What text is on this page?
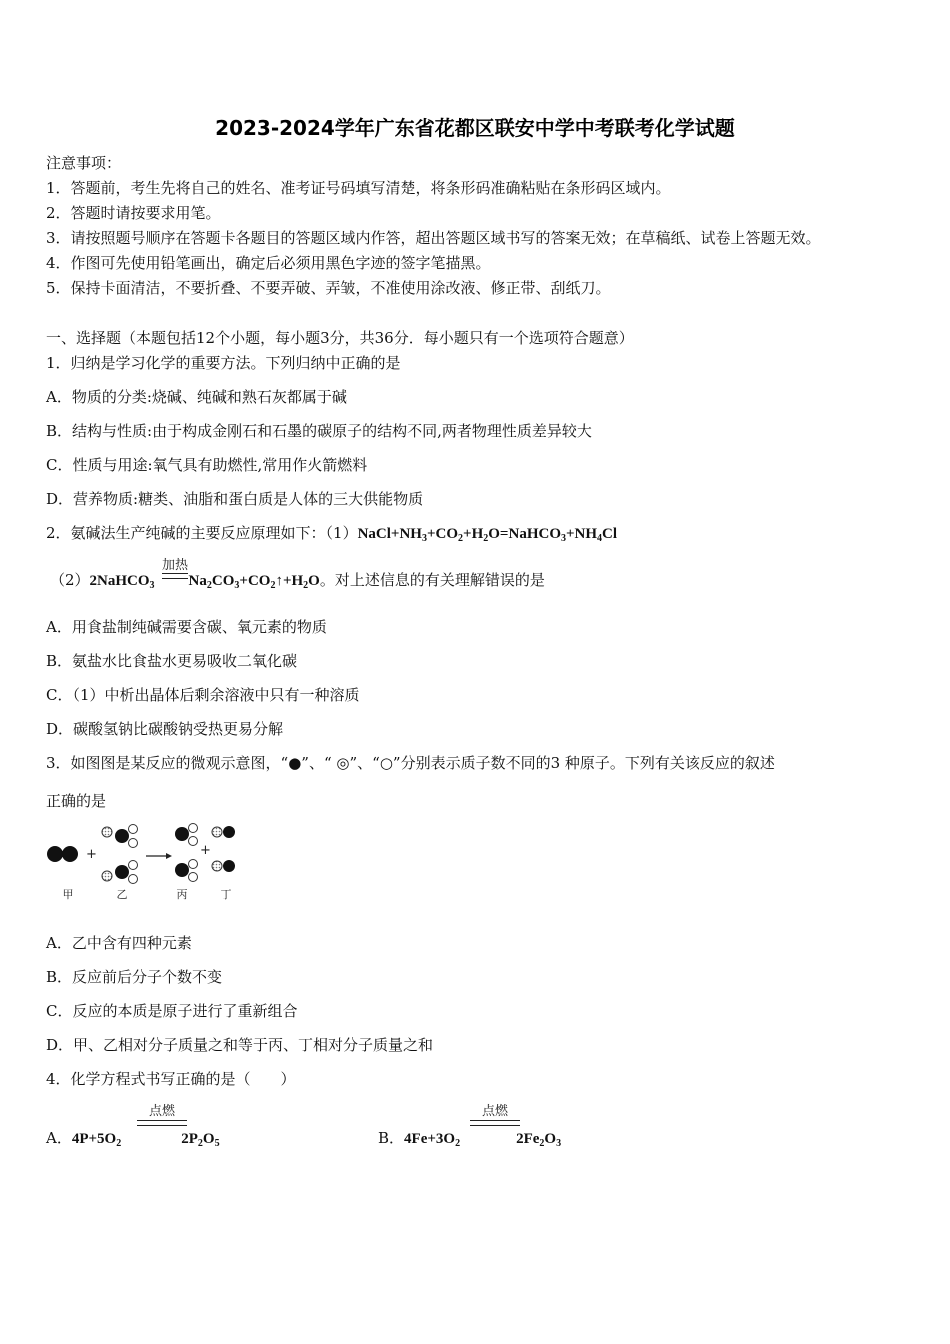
2023-2024学年广东省花都区联安中学中考联考化学试题
注意事项：
1．答题前，考生先将自己的姓名、准考证号码填写清楚，将条形码准确粘贴在条形码区域内。
2．答题时请按要求用笔。
3．请按照题号顺序在答题卡各题目的答题区域内作答，超出答题区域书写的答案无效；在草稿纸、试卷上答题无效。
4．作图可先使用铅笔画出，确定后必须用黑色字迹的签字笔描黑。
5．保持卡面清洁，不要折叠、不要弄破、弄皱，不准使用涂改液、修正带、刮纸刀。
一、选择题（本题包括12个小题，每小题3分，共36分．每小题只有一个选项符合题意）
1．归纳是学习化学的重要方法。下列归纳中正确的是
A．物质的分类:烧碱、纯碱和熟石灰都属于碱
B．结构与性质:由于构成金刚石和石墨的碳原子的结构不同,两者物理性质差异较大
C．性质与用途:氧气具有助燃性,常用作火箭燃料
D．营养物质:糖类、油脂和蛋白质是人体的三大供能物质
2．氨碱法生产纯碱的主要反应原理如下：$(1)NaCl+NH_3+CO_2+H_2O=NaHCO_3+NH_4Cl$
加热
（2）2NaHCO$_3$ $Na_2CO_3+CO_2↑+H_2O$。对上述信息的有关理解错误的是
A．用食盐制纯碱需要含碳、氧元素的物质
B．氨盐水比食盐水更易吸收二氧化碳
C．（1）中析出晶体后剩余溶液中只有一种溶质
D．碳酸氢钠比碳酸钠受热更易分解
3．如图图是某反应的微观示意图，“●”、“ ◎”、“○”分别表示质子数不同的3 种原子。下列有关该反应的叙述
正确的是
+	+
甲	乙	丙	丁
A．乙中含有四种元素
B．反应前后分子个数不变
C．反应的本质是原子进行了重新组合
D．甲、乙相对分子质量之和等于丙、丁相对分子质量之和
4．化学方程式书写正确的是（　　）
点燃
A．$4P+5O_2$	$2P_2O_5$
点燃
B．$4Fe+3O_2$	$2Fe_2O_3$
